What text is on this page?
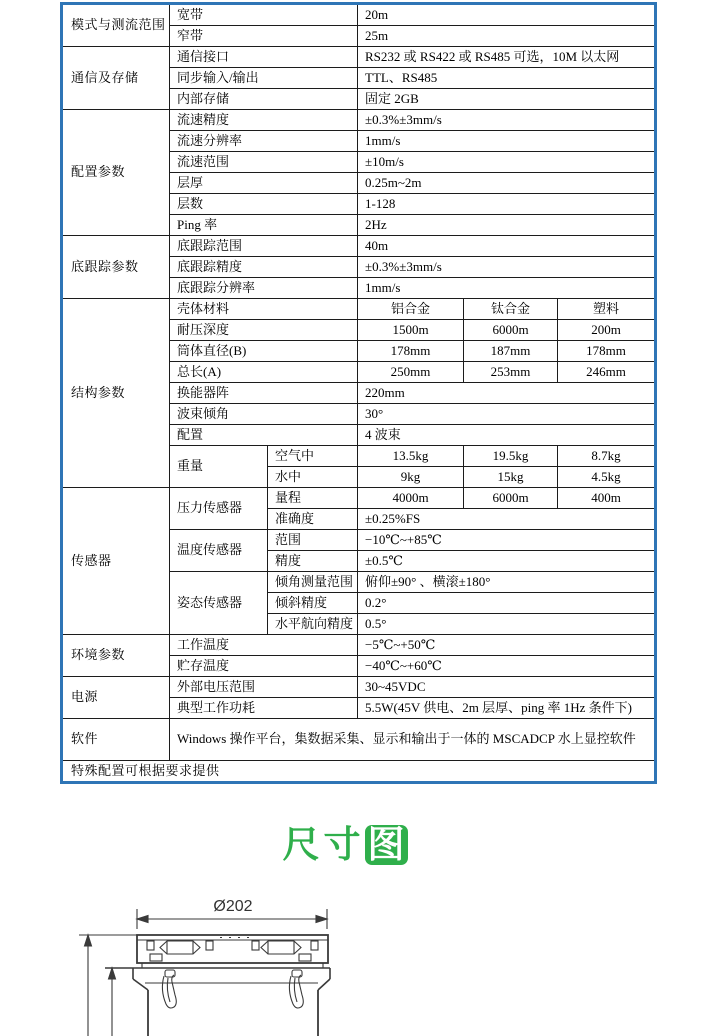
模式与测流范围	宽带		20m		
	窄带		25m		
通信及存储	通信接口		RS232 或 RS422 或 RS485 可选，10M 以太网		
	同步输入/输出		TTL、RS485		
	内部存储		固定 2GB		
配置参数	流速精度		±0.3%±3mm/s		
	流速分辨率		1mm/s		
	流速范围		±10m/s		
	层厚		0.25m~2m		
	层数		1-128		
	Ping 率		2Hz		
底跟踪参数	底跟踪范围		40m		
	底跟踪精度		±0.3%±3mm/s		
	底跟踪分辨率		1mm/s		
结构参数	壳体材料		铝合金	钛合金	塑料
	耐压深度		1500m	6000m	200m
	筒体直径(B)		178mm	187mm	178mm
	总长(A)		250mm	253mm	246mm
	换能器阵		220mm		
	波束倾角		30°		
	配置		4 波束		
	重量	空气中	13.5kg	19.5kg	8.7kg
		水中	9kg	15kg	4.5kg
传感器	压力传感器	量程	4000m	6000m	400m
		准确度	±0.25%FS		
	温度传感器	范围	−10℃~+85℃		
		精度	±0.5℃		
	姿态传感器	倾角测量范围	俯仰±90° 、横滚±180°		
		倾斜精度	0.2°		
		水平航向精度	0.5°		
环境参数	工作温度		−5℃~+50℃		
	贮存温度		−40℃~+60℃		
电源	外部电压范围		30~45VDC		
	典型工作功耗		5.5W(45V 供电、2m 层厚、ping 率 1Hz 条件下)		
软件	Windows 操作平台，集数据采集、显示和输出于一体的 MSCADCP 水上显控软件				
特殊配置可根据要求提供					
尺寸图
Ø202
